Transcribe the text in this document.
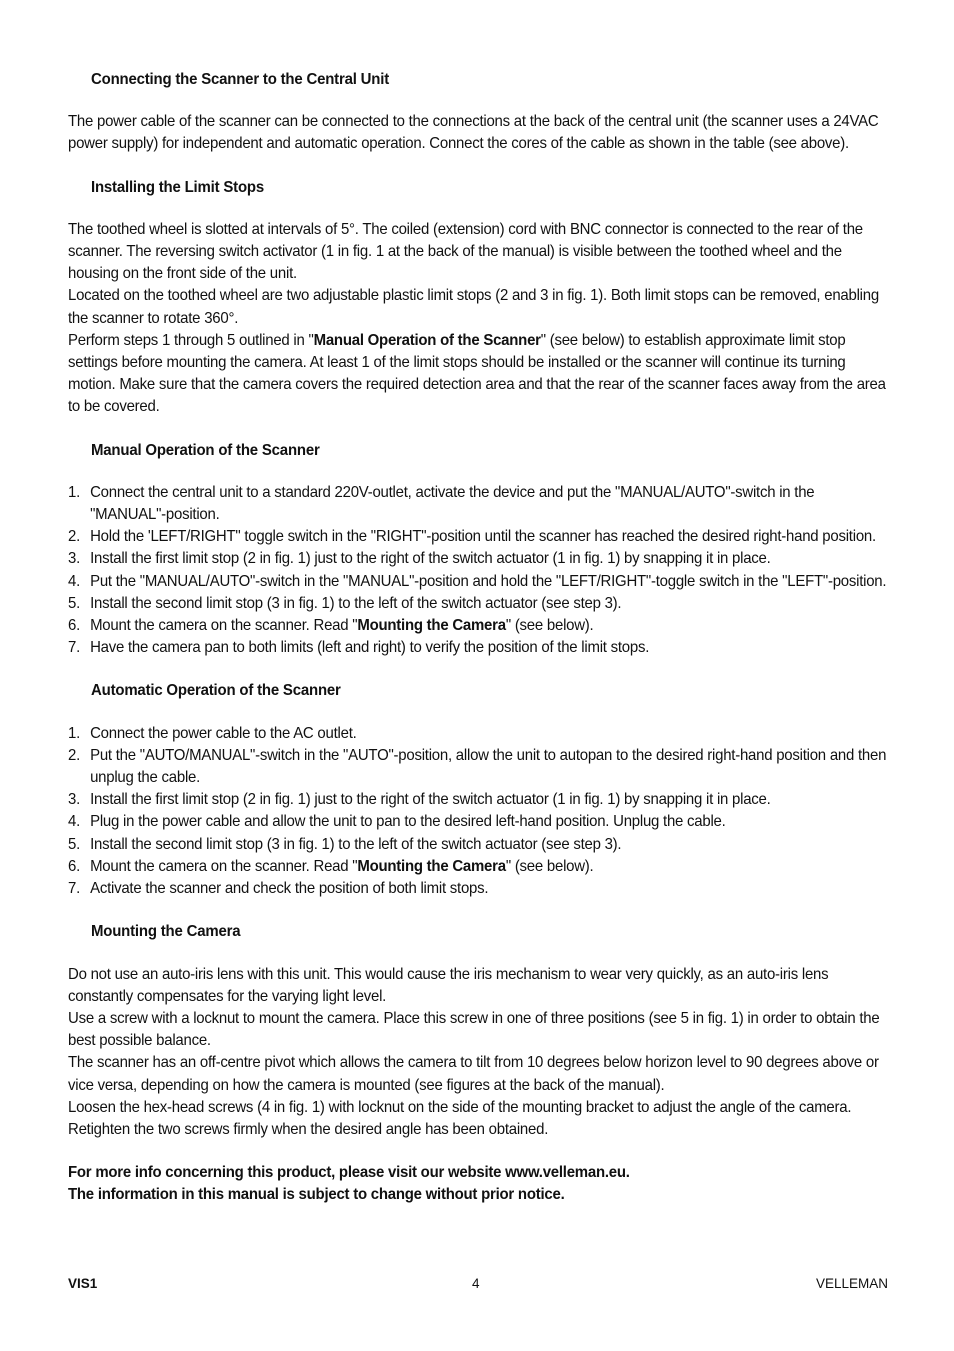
Connecting the Scanner to the Central Unit

The power cable of the scanner can be connected to the connections at the back of the central unit (the scanner uses a 24VAC power supply) for independent and automatic operation. Connect the cores of the cable as shown in the table (see above).

Installing the Limit Stops

The toothed wheel is slotted at intervals of 5°. The coiled (extension) cord with BNC connector is connected to the rear of the scanner. The reversing switch activator (1 in fig. 1 at the back of the manual) is visible between the toothed wheel and the housing on the front side of the unit.

Located on the toothed wheel are two adjustable plastic limit stops (2 and 3 in fig. 1). Both limit stops can be removed, enabling the scanner to rotate 360°.

Perform steps 1 through 5 outlined in "Manual Operation of the Scanner" (see below) to establish approximate limit stop settings before mounting the camera. At least 1 of the limit stops should be installed or the scanner will continue its turning motion. Make sure that the camera covers the required detection area and that the rear of the scanner faces away from the area to be covered.

Manual Operation of the Scanner
1. Connect the central unit to a standard 220V-outlet, activate the device and put the "MANUAL/AUTO"-switch in the "MANUAL"-position.
2. Hold the 'LEFT/RIGHT" toggle switch in the "RIGHT"-position until the scanner has reached the desired right-hand position.
3. Install the first limit stop (2 in fig. 1) just to the right of the switch actuator (1 in fig. 1) by snapping it in place.
4. Put the "MANUAL/AUTO"-switch in the "MANUAL"-position and hold the "LEFT/RIGHT"-toggle switch in the "LEFT"-position.
5. Install the second limit stop (3 in fig. 1) to the left of the switch actuator (see step 3).
6. Mount the camera on the scanner. Read "Mounting the Camera" (see below).
7. Have the camera pan to both limits (left and right) to verify the position of the limit stops.
Automatic Operation of the Scanner
1. Connect the power cable to the AC outlet.
2. Put the "AUTO/MANUAL"-switch in the "AUTO"-position, allow the unit to autopan to the desired right-hand position and then unplug the cable.
3. Install the first limit stop (2 in fig. 1) just to the right of the switch actuator (1 in fig. 1) by snapping it in place.
4. Plug in the power cable and allow the unit to pan to the desired left-hand position. Unplug the cable.
5. Install the second limit stop (3 in fig. 1) to the left of the switch actuator (see step 3).
6. Mount the camera on the scanner. Read "Mounting the Camera" (see below).
7. Activate the scanner and check the position of both limit stops.
Mounting the Camera

Do not use an auto-iris lens with this unit. This would cause the iris mechanism to wear very quickly, as an auto-iris lens constantly compensates for the varying light level.

Use a screw with a locknut to mount the camera. Place this screw in one of three positions (see 5 in fig. 1) in order to obtain the best possible balance.

The scanner has an off-centre pivot which allows the camera to tilt from 10 degrees below horizon level to 90 degrees above or vice versa, depending on how the camera is mounted (see figures at the back of the manual).

Loosen the hex-head screws (4 in fig. 1) with locknut on the side of the mounting bracket to adjust the angle of the camera. Retighten the two screws firmly when the desired angle has been obtained.

For more info concerning this product, please visit our website www.velleman.eu.

The information in this manual is subject to change without prior notice.

VIS1	4	VELLEMAN
